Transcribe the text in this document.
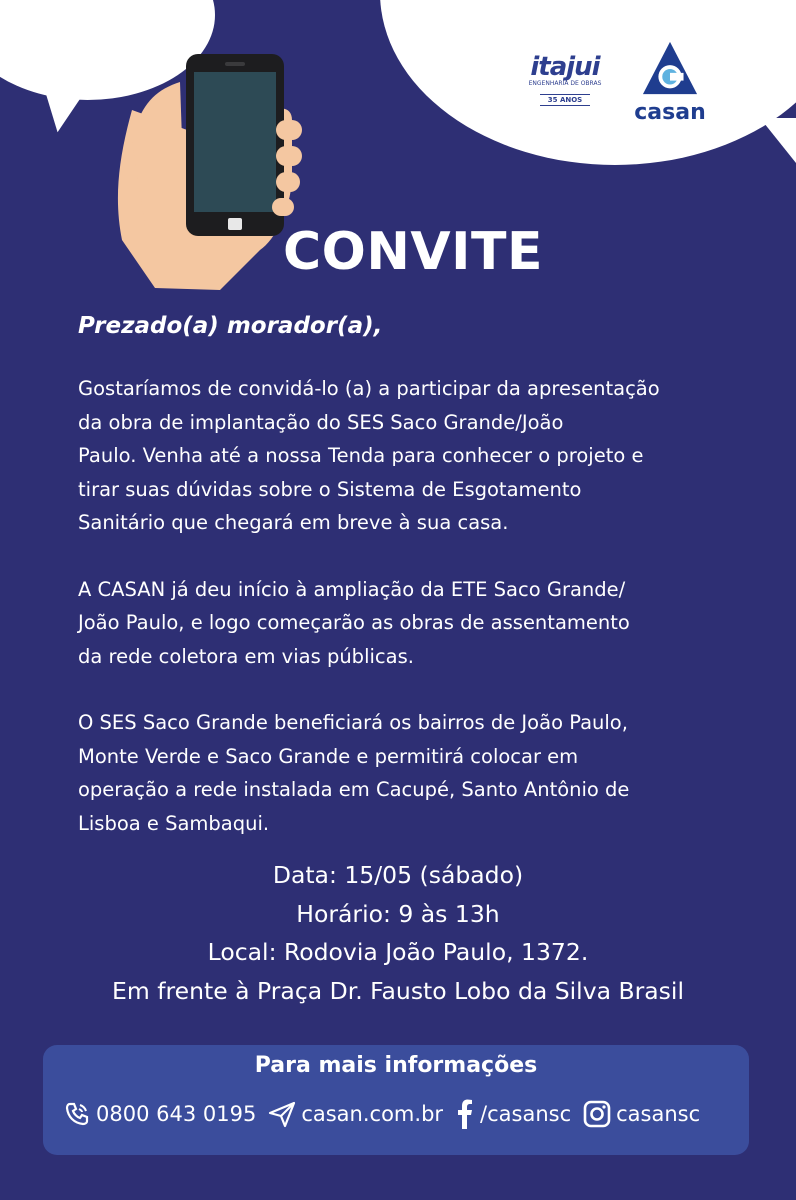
itajui
ENGENHARIA DE OBRAS
35 ANOS	casan
CONVITE
Prezado(a) morador(a),

Gostaríamos de convidá-lo (a) a participar da apresentação
da obra de implantação do SES Saco Grande/João
Paulo. Venha até a nossa Tenda para conhecer o projeto e
tirar suas dúvidas sobre o Sistema de Esgotamento
Sanitário que chegará em breve à sua casa.

A CASAN já deu início à ampliação da ETE Saco Grande/
João Paulo, e logo começarão as obras de assentamento
da rede coletora em vias públicas.

O SES Saco Grande beneficiará os bairros de João Paulo,
Monte Verde e Saco Grande e permitirá colocar em
operação a rede instalada em Cacupé, Santo Antônio de
Lisboa e Sambaqui.

Data: 15/05 (sábado)
Horário: 9 às 13h
Local: Rodovia João Paulo, 1372.
Em frente à Praça Dr. Fausto Lobo da Silva Brasil
Para mais informações
0800 643 0195 casan.com.br /casansc casansc
